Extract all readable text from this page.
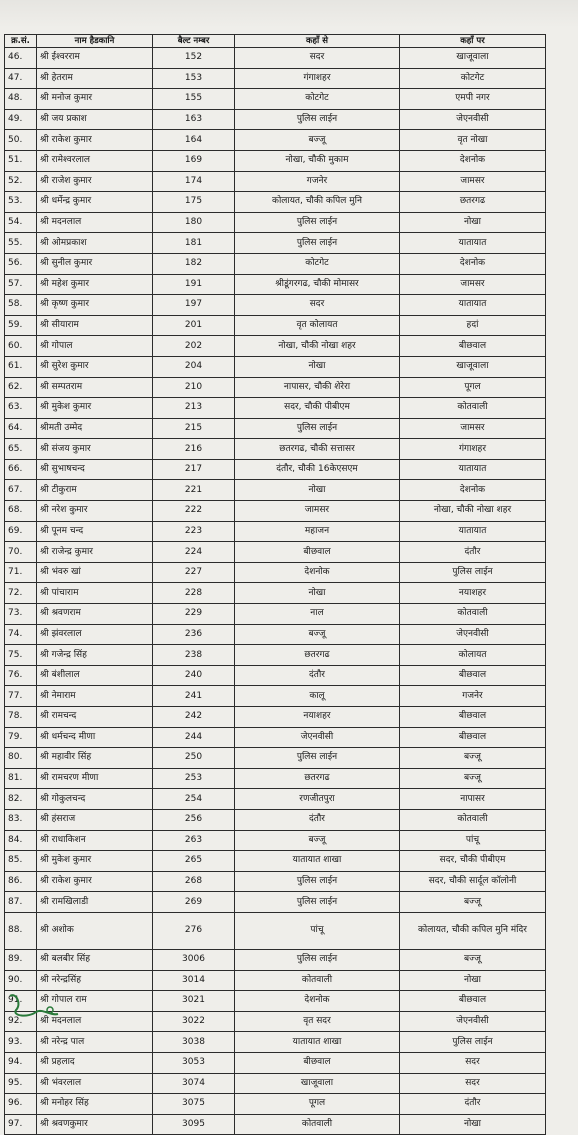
क्र.सं.	नाम हैडकानि	बैल्ट नम्बर	कहाँ से	कहाँ पर
46.	श्री ईश्वरराम	152	सदर	खाजूवाला
47.	श्री हेतराम	153	गंगाशहर	कोटगेट
48.	श्री मनोज कुमार	155	कोटगेट	एमपी नगर
49.	श्री जय प्रकाश	163	पुलिस लाईन	जेएनवीसी
50.	श्री राकेश कुमार	164	बज्जू	वृत नोखा
51.	श्री रामेश्वरलाल	169	नोखा, चौकी मुकाम	देशनोक
52.	श्री राजेश कुमार	174	गजनेर	जामसर
53.	श्री धर्मेन्द्र कुमार	175	कोलायत, चौकी कपिल मुनि	छतरगढ
54.	श्री मदनलाल	180	पुलिस लाईन	नोखा
55.	श्री ओमप्रकाश	181	पुलिस लाईन	यातायात
56.	श्री सुनील कुमार	182	कोटगेट	देशनोक
57.	श्री महेश कुमार	191	श्रीडूंगरगढ, चौकी मोमासर	जामसर
58.	श्री कृष्ण कुमार	197	सदर	यातायात
59.	श्री सीयाराम	201	वृत कोलायत	हदां
60.	श्री गोपाल	202	नोखा, चौकी नोखा शहर	बीछवाल
61.	श्री सुरेश कुमार	204	नोखा	खाजूवाला
62.	श्री सम्पतराम	210	नापासर, चौकी शेरेरा	पूगल
63.	श्री मुकेश कुमार	213	सदर, चौकी पीबीएम	कोतवाली
64.	श्रीमती उम्मेद	215	पुलिस लाईन	जामसर
65.	श्री संजय कुमार	216	छतरगढ, चौकी सत्तासर	गंगाशहर
66.	श्री सुभाषचन्द	217	दंतौर, चौकी 16केएसएम	यातायात
67.	श्री टीकुराम	221	नोखा	देशनोक
68.	श्री नरेश कुमार	222	जामसर	नोखा, चौकी नोखा शहर
69.	श्री पूनम चन्द	223	महाजन	यातायात
70.	श्री राजेन्द्र कुमार	224	बीछवाल	दंतौर
71.	श्री भंवरु खां	227	देशनोक	पुलिस लाईन
72.	श्री पांचाराम	228	नोखा	नयाशहर
73.	श्री श्रवणराम	229	नाल	कोतवाली
74.	श्री झंवरलाल	236	बज्जू	जेएनवीसी
75.	श्री गजेन्द्र सिंह	238	छतरगढ	कोलायत
76.	श्री बंशीलाल	240	दंतौर	बीछवाल
77.	श्री नेमाराम	241	कालू	गजनेर
78.	श्री रामचन्द	242	नयाशहर	बीछवाल
79.	श्री धर्मचन्द मीणा	244	जेएनवीसी	बीछवाल
80.	श्री महावीर सिंह	250	पुलिस लाईन	बज्जू
81.	श्री रामचरण मीणा	253	छतरगढ	बज्जू
82.	श्री गोकुलचन्द	254	रणजीतपुरा	नापासर
83.	श्री हंसराज	256	दंतौर	कोतवाली
84.	श्री राधाकिशन	263	बज्जू	पांचू
85.	श्री मुकेश कुमार	265	यातायात शाखा	सदर, चौकी पीबीएम
86.	श्री राकेश कुमार	268	पुलिस लाईन	सदर, चौकी सार्दूल कॉलोनी
87.	श्री रामखिलाडी	269	पुलिस लाईन	बज्जू
88.	श्री अशोक	276	पांचू	कोलायत, चौकी कपिल मुनि मंदिर
89.	श्री बलबीर सिंह	3006	पुलिस लाईन	बज्जू
90.	श्री नरेन्द्रसिंह	3014	कोतवाली	नोखा
91.	श्री गोपाल राम	3021	देशनोक	बीछवाल
92.	श्री मदनलाल	3022	वृत सदर	जेएनवीसी
93.	श्री नरेन्द्र पाल	3038	यातायात शाखा	पुलिस लाईन
94.	श्री प्रहलाद	3053	बीछवाल	सदर
95.	श्री भंवरलाल	3074	खाजूवाला	सदर
96.	श्री मनोहर सिंह	3075	पूगल	दंतौर
97.	श्री श्रवणकुमार	3095	कोतवाली	नोखा
